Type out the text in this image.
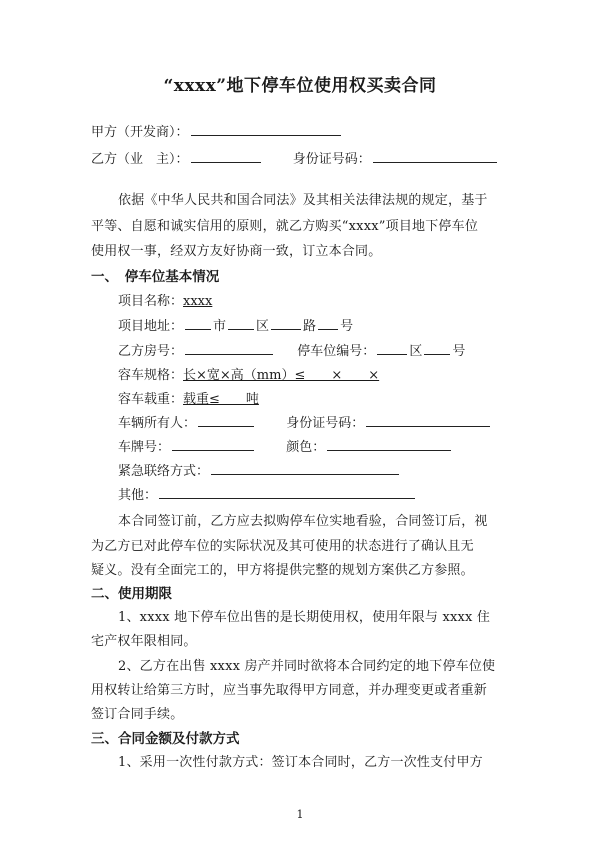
“xxxx”地下停车位使用权买卖合同
甲方（开发商）：
乙方（业　主）：	身份证号码：
依据《中华人民共和国合同法》及其相关法律法规的规定，基于
平等、自愿和诚实信用的原则，就乙方购买“xxxx”项目地下停车位
使用权一事，经双方友好协商一致，订立本合同。
一、　停车位基本情况
项目名称：xxxx
项目地址： 市 区	路 号
乙方房号：	停车位编号：	区 号
容车规格：长×宽×高（mm）≤　　×　　×
容车载重：载重≤　　吨
车辆所有人：	身份证号码：
车牌号：	颜色：
紧急联络方式：
其他：
本合同签订前，乙方应去拟购停车位实地看验，合同签订后，视
为乙方已对此停车位的实际状况及其可使用的状态进行了确认且无
疑义。没有全面完工的，甲方将提供完整的规划方案供乙方参照。
二、使用期限
1、xxxx 地下停车位出售的是长期使用权，使用年限与 xxxx 住
宅产权年限相同。
2、乙方在出售 xxxx 房产并同时欲将本合同约定的地下停车位使
用权转让给第三方时，应当事先取得甲方同意，并办理变更或者重新
签订合同手续。
三、合同金额及付款方式
1、采用一次性付款方式：签订本合同时，乙方一次性支付甲方
1
